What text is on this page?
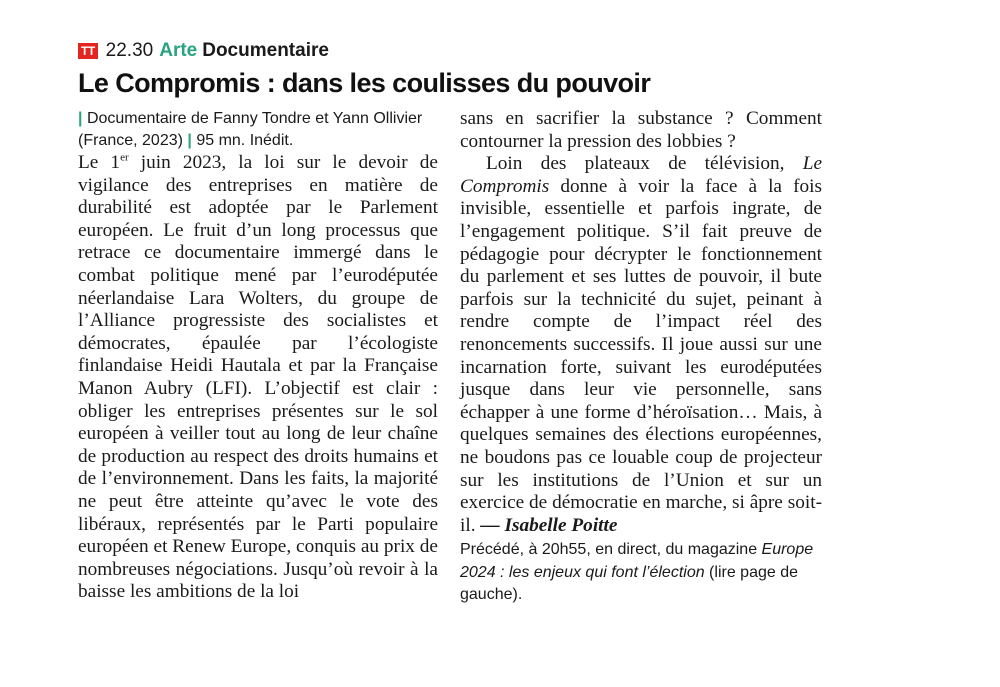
TT 22.30 Arte Documentaire
Le Compromis : dans les coulisses du pouvoir

| Documentaire de Fanny Tondre et Yann Ollivier (France, 2023) | 95 mn. Inédit.

Le 1er juin 2023, la loi sur le devoir de vigilance des entreprises en matière de durabilité est adoptée par le Parlement européen. Le fruit d’un long processus que retrace ce documentaire immergé dans le combat politique mené par l’eurodéputée néerlandaise Lara Wolters, du groupe de l’Alliance progressiste des socialistes et démocrates, épaulée par l’écologiste finlandaise Heidi Hautala et par la Française Manon Aubry (LFI). L’objectif est clair : obliger les entreprises présentes sur le sol européen à veiller tout au long de leur chaîne de production au respect des droits humains et de l’environnement. Dans les faits, la majorité ne peut être atteinte qu’avec le vote des libéraux, représentés par le Parti populaire européen et Renew Europe, conquis au prix de nombreuses négociations. Jusqu’où revoir à la baisse les ambitions de la loi

sans en sacrifier la substance ? Comment contourner la pression des lobbies ?

Loin des plateaux de télévision, Le Compromis donne à voir la face à la fois invisible, essentielle et parfois ingrate, de l’engagement politique. S’il fait preuve de pédagogie pour décrypter le fonctionnement du parlement et ses luttes de pouvoir, il bute parfois sur la technicité du sujet, peinant à rendre compte de l’impact réel des renoncements successifs. Il joue aussi sur une incarnation forte, suivant les eurodéputées jusque dans leur vie personnelle, sans échapper à une forme d’héroïsation… Mais, à quelques semaines des élections européennes, ne boudons pas ce louable coup de projecteur sur les institutions de l’Union et sur un exercice de démocratie en marche, si âpre soit-il. — Isabelle Poitte

Précédé, à 20h55, en direct, du magazine Europe 2024 : les enjeux qui font l’élection (lire page de gauche).
